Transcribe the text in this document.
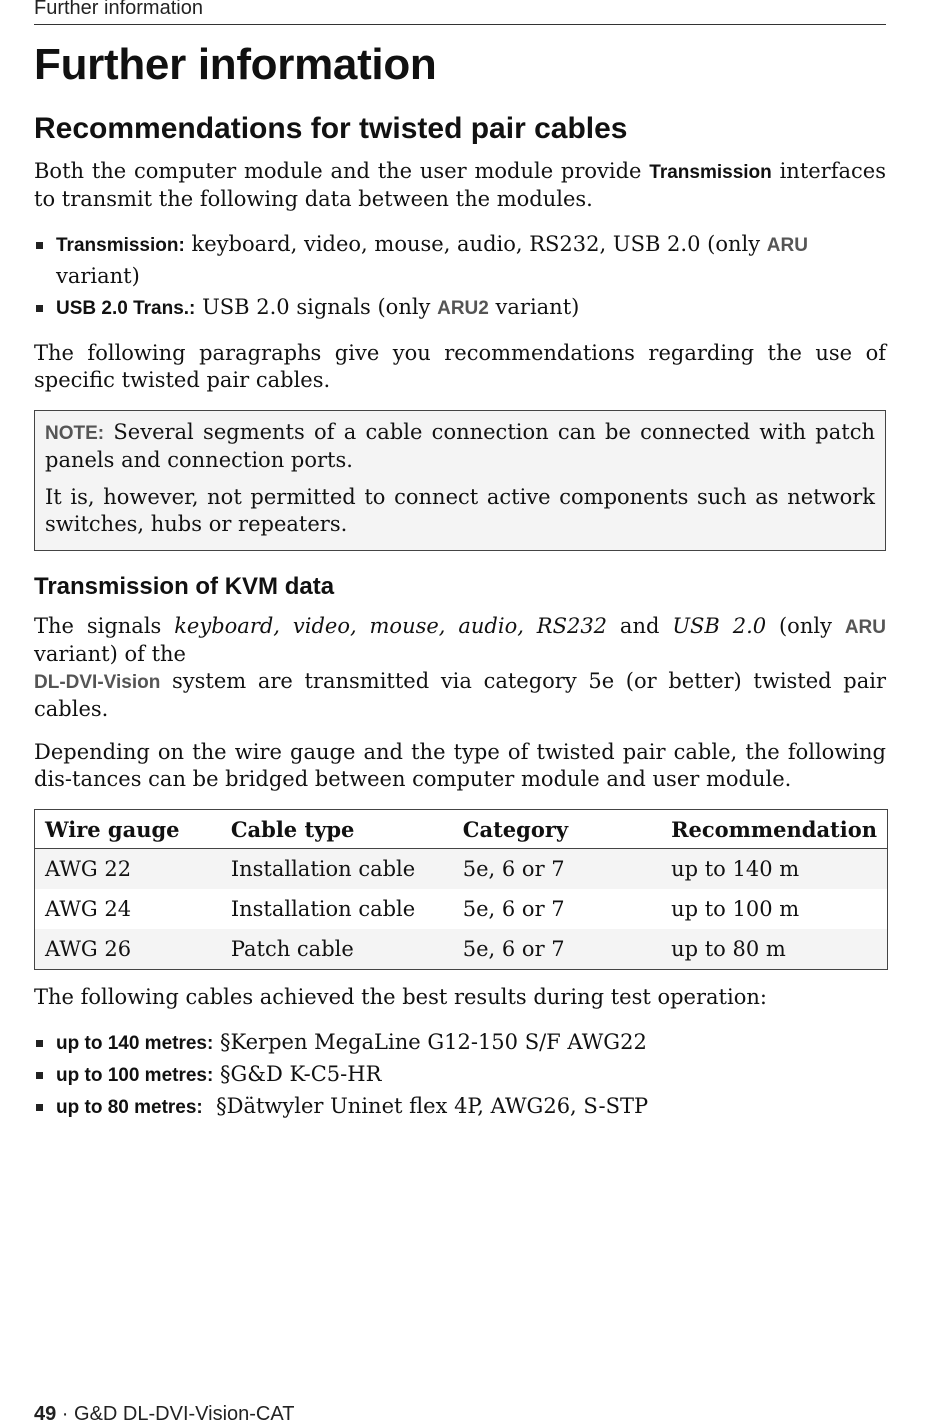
Further information
Further information
Recommendations for twisted pair cables

Both the computer module and the user module provide Transmission interfaces to transmit the following data between the modules.

Transmission: keyboard, video, mouse, audio, RS232, USB 2.0 (only ARU variant)
USB 2.0 Trans.: USB 2.0 signals (only ARU2 variant)

The following paragraphs give you recommendations regarding the use of specific twisted pair cables.

NOTE: Several segments of a cable connection can be connected with patch panels and connection ports.

It is, however, not permitted to connect active components such as network switches, hubs or repeaters.

Transmission of KVM data

The signals keyboard, video, mouse, audio, RS232 and USB 2.0 (only ARU variant) of the
DL-DVI-Vision system are transmitted via category 5e (or better) twisted pair cables.

Depending on the wire gauge and the type of twisted pair cable, the following dis-tances can be bridged between computer module and user module.

Wire gauge	Cable type	Category	Recommendation
AWG 22	Installation cable	5e, 6 or 7	up to 140 m
AWG 24	Installation cable	5e, 6 or 7	up to 100 m
AWG 26	Patch cable	5e, 6 or 7	up to 80 m

The following cables achieved the best results during test operation:

up to 140 metres: §Kerpen MegaLine G12-150 S/F AWG22
up to 100 metres: §G&D K-C5-HR
up to 80 metres:  §Dätwyler Uninet flex 4P, AWG26, S-STP
49 · G&D DL-DVI-Vision-CAT
